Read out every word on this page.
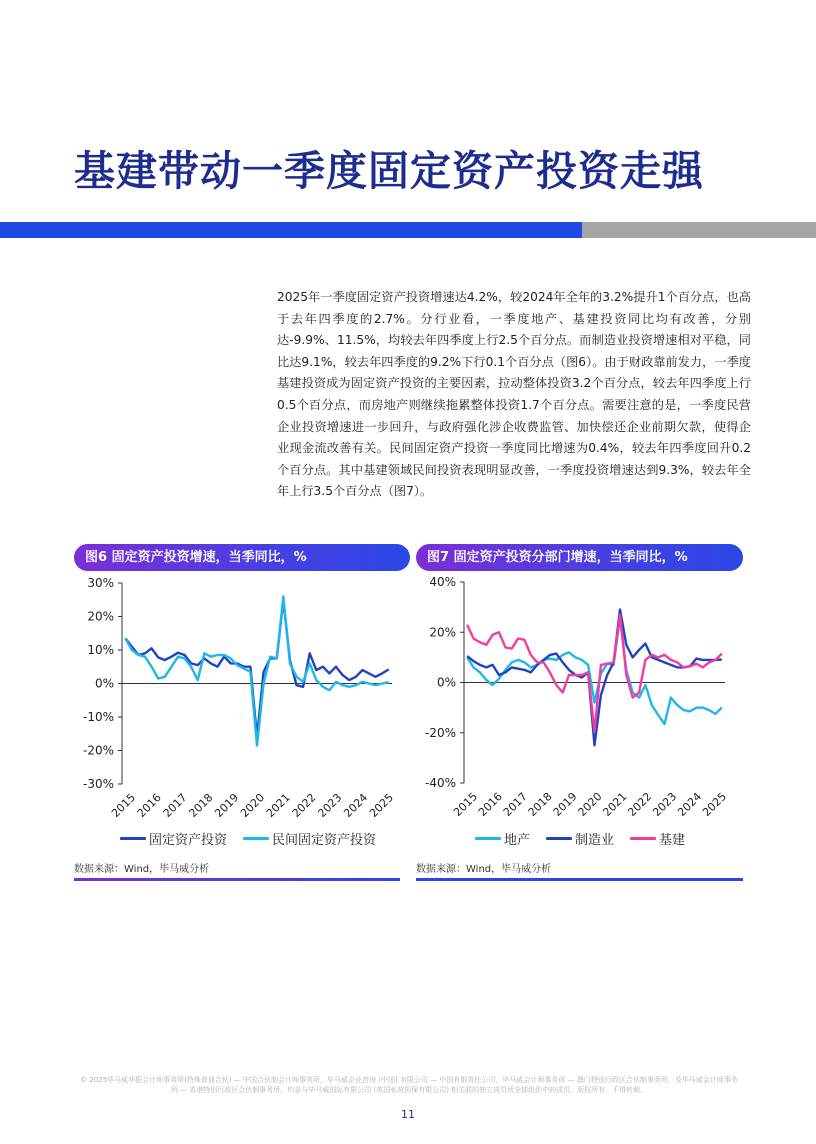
基建带动一季度固定资产投资走强

2025年一季度固定资产投资增速达4.2%，较2024年全年的3.2%提升1个百分点，也高于去年四季度的2.7%。分行业看，一季度地产、基建投资同比均有改善，分别达-9.9%、11.5%，均较去年四季度上行2.5个百分点。而制造业投资增速相对平稳，同比达9.1%，较去年四季度的9.2%下行0.1个百分点（图6）。由于财政靠前发力，一季度基建投资成为固定资产投资的主要因素，拉动整体投资3.2个百分点，较去年四季度上行0.5个百分点，而房地产则继续拖累整体投资1.7个百分点。需要注意的是，一季度民营企业投资增速进一步回升，与政府强化涉企收费监管、加快偿还企业前期欠款，使得企业现金流改善有关。民间固定资产投资一季度同比增速为0.4%，较去年四季度回升0.2个百分点。其中基建领域民间投资表现明显改善，一季度投资增速达到9.3%，较去年全年上行3.5个百分点（图7）。

图6 固定资产投资增速，当季同比，%
30%
20%
10%
0%
-10%
-20%
-30%
2015
2016
2017
2018
2019
2020
2021
2022
2023
2024
2025
固定资产投资	民间固定资产投资
数据来源：Wind，毕马威分析
图7 固定资产投资分部门增速，当季同比，%
40%
20%
0%
-20%
-40%
2015
2016
2017
2018
2019
2020
2021
2022
2023
2024
2025
地产	制造业	基建
数据来源：Wind，毕马威分析
© 2025毕马威华振会计师事务所(特殊普通合伙) — 中国合伙制会计师事务所，毕马威企业咨询 (中国) 有限公司 — 中国有限责任公司，毕马威会计师事务所 — 澳门特别行政区合伙制事务所，及毕马威会计师事务所 — 香港特别行政区合伙制事务所，均是与毕马威国际有限公司 (英国私营担保有限公司) 相关联的独立成员所全球组织中的成员。版权所有，不得转载。
11
